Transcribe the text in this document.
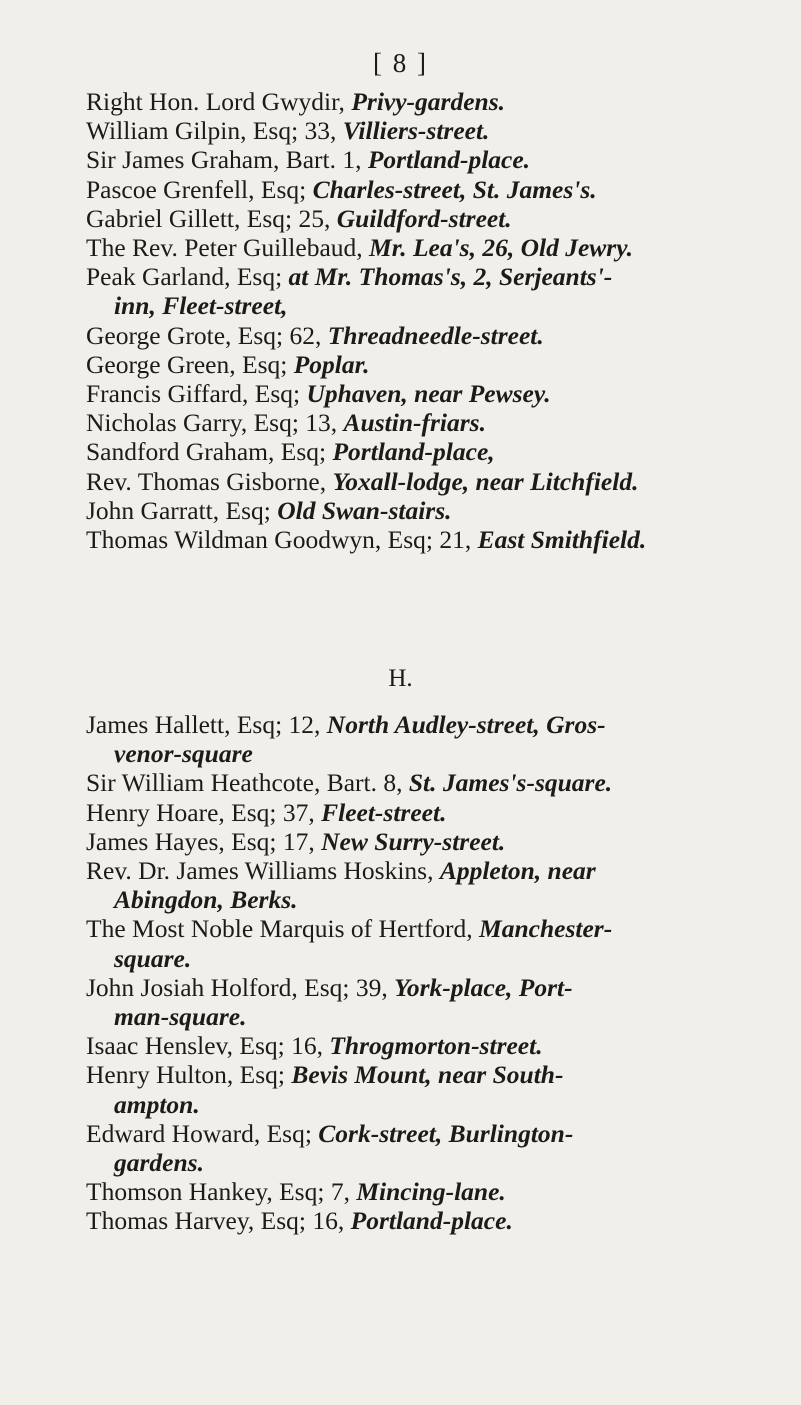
[ 8 ]
Right Hon. Lord Gwydir, Privy-gardens.
William Gilpin, Esq; 33, Villiers-street.
Sir James Graham, Bart. 1, Portland-place.
Pascoe Grenfell, Esq; Charles-street, St. James's.
Gabriel Gillett, Esq; 25, Guildford-street.
The Rev. Peter Guillebaud, Mr. Lea's, 26, Old Jewry.
Peak Garland, Esq; at Mr. Thomas's, 2, Serjeants'-
inn, Fleet-street,
George Grote, Esq; 62, Threadneedle-street.
George Green, Esq; Poplar.
Francis Giffard, Esq; Uphaven, near Pewsey.
Nicholas Garry, Esq; 13, Austin-friars.
Sandford Graham, Esq; Portland-place,
Rev. Thomas Gisborne, Yoxall-lodge, near Litchfield.
John Garratt, Esq; Old Swan-stairs.
Thomas Wildman Goodwyn, Esq; 21, East Smithfield.
H.
James Hallett, Esq; 12, North Audley-street, Gros-
venor-square
Sir William Heathcote, Bart. 8, St. James's-square.
Henry Hoare, Esq; 37, Fleet-street.
James Hayes, Esq; 17, New Surry-street.
Rev. Dr. James Williams Hoskins, Appleton, near
Abingdon, Berks.
The Most Noble Marquis of Hertford, Manchester-
square.
John Josiah Holford, Esq; 39, York-place, Port-
man-square.
Isaac Henslev, Esq; 16, Throgmorton-street.
Henry Hulton, Esq; Bevis Mount, near South-
ampton.
Edward Howard, Esq; Cork-street, Burlington-
gardens.
Thomson Hankey, Esq; 7, Mincing-lane.
Thomas Harvey, Esq; 16, Portland-place.
